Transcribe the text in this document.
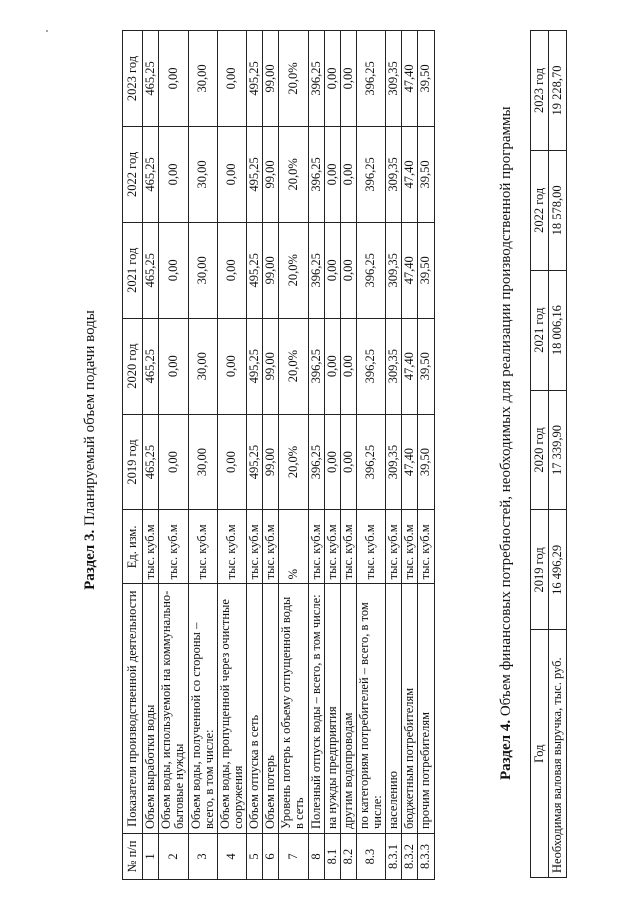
Раздел 3. Планируемый объем подачи воды
№ п/п	Показатели производственной деятельности	Ед. изм.	2019 год	2020 год	2021 год	2022 год	2023 год
1	Объем выработки воды	тыс. куб.м	465,25	465,25	465,25	465,25	465,25
2	Объем воды, используемой на коммунально-бытовые нужды	тыс. куб.м	0,00	0,00	0,00	0,00	0,00
3	Объем воды, полученной со стороны – всего, в том числе:	тыс. куб.м	30,00	30,00	30,00	30,00	30,00
4	Объем воды, пропущенной через очистные сооружения	тыс. куб.м	0,00	0,00	0,00	0,00	0,00
5	Объем отпуска в сеть	тыс. куб.м	495,25	495,25	495,25	495,25	495,25
6	Объем потерь	тыс. куб.м	99,00	99,00	99,00	99,00	99,00
7	Уровень потерь к объему отпущенной воды в сеть	%	20,0%	20,0%	20,0%	20,0%	20,0%
8	Полезный отпуск воды – всего, в том числе:	тыс. куб.м	396,25	396,25	396,25	396,25	396,25
8.1	на нужды предприятия	тыс. куб.м	0,00	0,00	0,00	0,00	0,00
8.2	другим водопроводам	тыс. куб.м	0,00	0,00	0,00	0,00	0,00
8.3	по категориям потребителей – всего, в том числе:	тыс. куб.м	396,25	396,25	396,25	396,25	396,25
8.3.1	населению	тыс. куб.м	309,35	309,35	309,35	309,35	309,35
8.3.2	бюджетным потребителям	тыс. куб.м	47,40	47,40	47,40	47,40	47,40
8.3.3	прочим потребителям	тыс. куб.м	39,50	39,50	39,50	39,50	39,50
Раздел 4. Объем финансовых потребностей, необходимых для реализации производственной программы
Год	2019 год	2020 год	2021 год	2022 год	2023 год
Необходимая валовая выручка, тыс. руб.	16 496,29	17 339,90	18 006,16	18 578,00	19 228,70
